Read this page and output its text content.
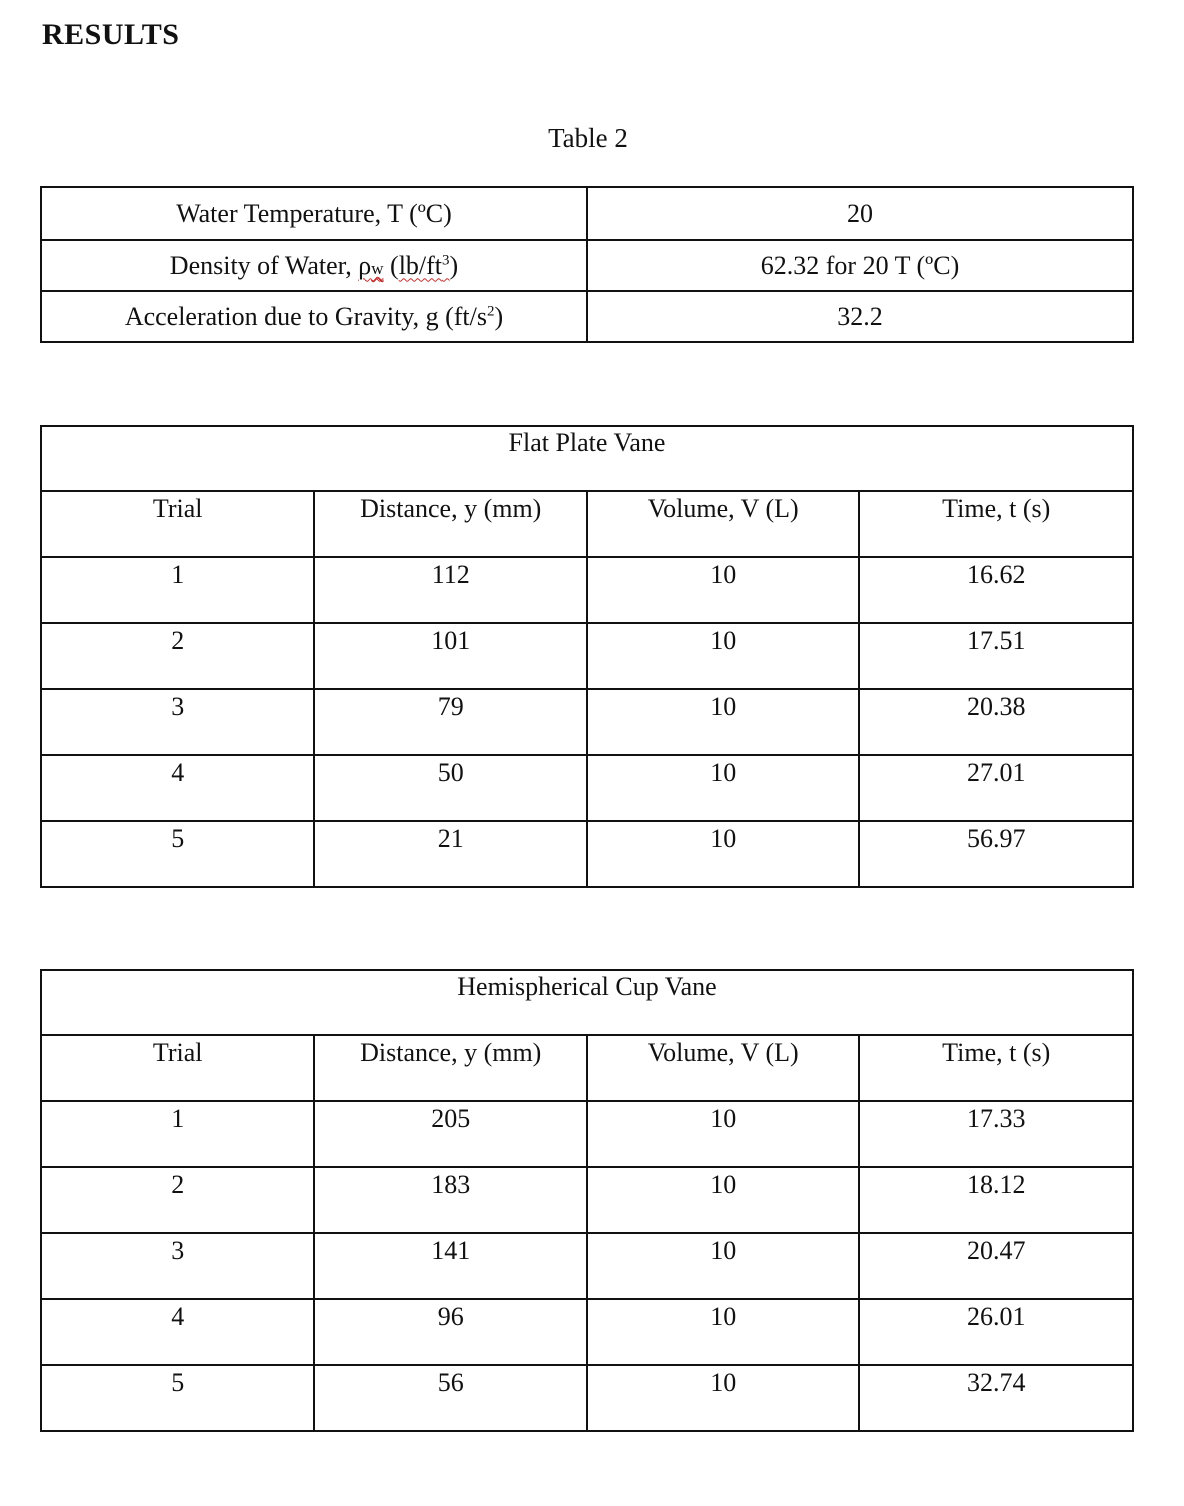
RESULTS
Table 2
Water Temperature, T (ºC)	20
Density of Water, ρw $(lb/ft^3)$	62.32 for 20 T (ºC)
Acceleration due to Gravity, g $(ft/s^2)$	32.2
Flat Plate Vane			
Trial	Distance, y (mm)	Volume, V (L)	Time, t (s)
1	112	10	16.62
2	101	10	17.51
3	79	10	20.38
4	50	10	27.01
5	21	10	56.97
Hemispherical Cup Vane			
Trial	Distance, y (mm)	Volume, V (L)	Time, t (s)
1	205	10	17.33
2	183	10	18.12
3	141	10	20.47
4	96	10	26.01
5	56	10	32.74
